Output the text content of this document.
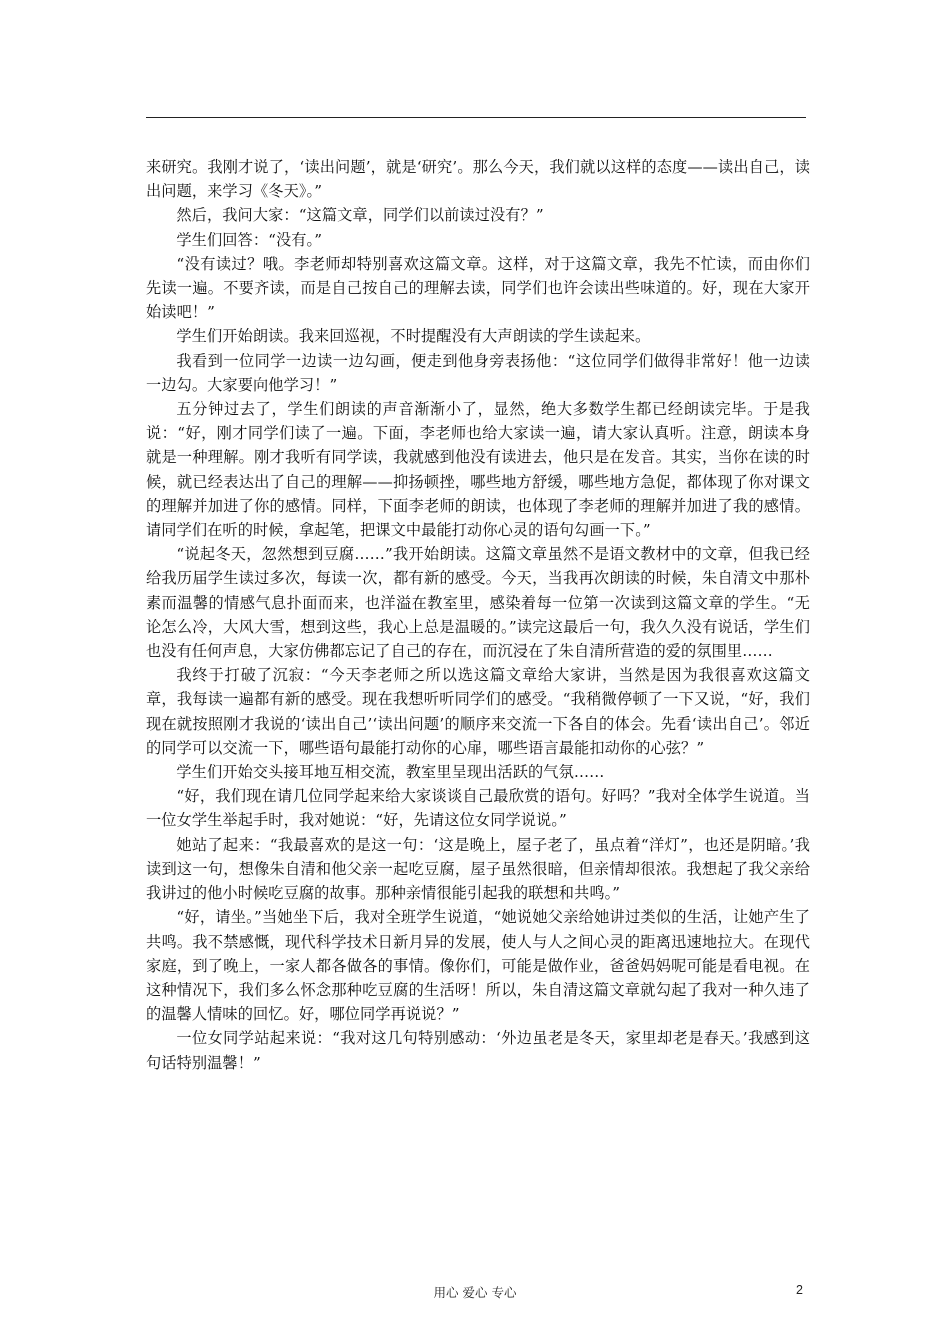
来研究。我刚才说了，‘读出问题’，就是‘研究’。那么今天，我们就以这样的态度——读出自己，读出问题，来学习《冬天》。”

然后，我问大家：“这篇文章，同学们以前读过没有？”

学生们回答：“没有。”

“没有读过？哦。李老师却特别喜欢这篇文章。这样，对于这篇文章，我先不忙读，而由你们先读一遍。不要齐读，而是自己按自己的理解去读，同学们也许会读出些味道的。好，现在大家开始读吧！”

学生们开始朗读。我来回巡视，不时提醒没有大声朗读的学生读起来。

我看到一位同学一边读一边勾画，便走到他身旁表扬他：“这位同学们做得非常好！他一边读一边勾。大家要向他学习！”

五分钟过去了，学生们朗读的声音渐渐小了，显然，绝大多数学生都已经朗读完毕。于是我说：“好，刚才同学们读了一遍。下面，李老师也给大家读一遍，请大家认真听。注意，朗读本身就是一种理解。刚才我听有同学读，我就感到他没有读进去，他只是在发音。其实，当你在读的时候，就已经表达出了自己的理解——抑扬顿挫，哪些地方舒缓，哪些地方急促，都体现了你对课文的理解并加进了你的感情。同样，下面李老师的朗读，也体现了李老师的理解并加进了我的感情。请同学们在听的时候，拿起笔，把课文中最能打动你心灵的语句勾画一下。”

“说起冬天，忽然想到豆腐……”我开始朗读。这篇文章虽然不是语文教材中的文章，但我已经给我历届学生读过多次，每读一次，都有新的感受。今天，当我再次朗读的时候，朱自清文中那朴素而温馨的情感气息扑面而来，也洋溢在教室里，感染着每一位第一次读到这篇文章的学生。“无论怎么冷，大风大雪，想到这些，我心上总是温暖的。”读完这最后一句，我久久没有说话，学生们也没有任何声息，大家仿佛都忘记了自己的存在，而沉浸在了朱自清所营造的爱的氛围里……

我终于打破了沉寂：“今天李老师之所以选这篇文章给大家讲，当然是因为我很喜欢这篇文章，我每读一遍都有新的感受。现在我想听听同学们的感受。“我稍微停顿了一下又说，“好，我们现在就按照刚才我说的‘读出自己’‘读出问题’的顺序来交流一下各自的体会。先看‘读出自己’。邻近的同学可以交流一下，哪些语句最能打动你的心扉，哪些语言最能扣动你的心弦？”

学生们开始交头接耳地互相交流，教室里呈现出活跃的气氛……

“好，我们现在请几位同学起来给大家谈谈自己最欣赏的语句。好吗？”我对全体学生说道。当一位女学生举起手时，我对她说：“好，先请这位女同学说说。”

她站了起来：“我最喜欢的是这一句：‘这是晚上，屋子老了，虽点着“洋灯”，也还是阴暗。’我读到这一句，想像朱自清和他父亲一起吃豆腐，屋子虽然很暗，但亲情却很浓。我想起了我父亲给我讲过的他小时候吃豆腐的故事。那种亲情很能引起我的联想和共鸣。”

“好，请坐。”当她坐下后，我对全班学生说道，“她说她父亲给她讲过类似的生活，让她产生了共鸣。我不禁感慨，现代科学技术日新月异的发展，使人与人之间心灵的距离迅速地拉大。在现代家庭，到了晚上，一家人都各做各的事情。像你们，可能是做作业，爸爸妈妈呢可能是看电视。在这种情况下，我们多么怀念那种吃豆腐的生活呀！所以，朱自清这篇文章就勾起了我对一种久违了的温馨人情味的回忆。好，哪位同学再说说？”

一位女同学站起来说：“我对这几句特别感动：‘外边虽老是冬天，家里却老是春天。’我感到这句话特别温馨！”

用心 爱心 专心	2
